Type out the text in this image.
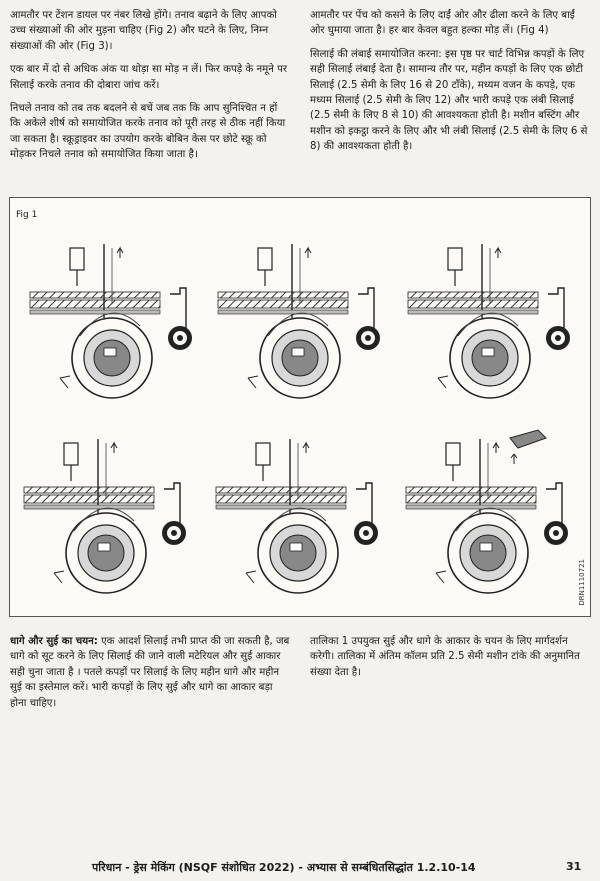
आमतौर पर टेंशन डायल पर नंबर लिखे होंगे। तनाव बढ़ाने के लिए आपको उच्च संख्याओं की ओर मुड़ना चाहिए (Fig 2) और घटने के लिए, निम्न संख्याओं की ओर (Fig 3)।

एक बार में दो से अधिक अंक या थोड़ा सा मोड़ न लें। फिर कपड़े के नमूने पर सिलाई करके तनाव की दोबारा जांच करें।

निचले तनाव को तब तक बदलने से बचें जब तक कि आप सुनिश्चित न हों कि अकेले शीर्ष को समायोजित करके तनाव को पूरी तरह से ठीक नहीं किया जा सकता है। स्क्रूड्राइवर का उपयोग करके बोबिन केस पर छोटे स्क्रू को मोड़कर निचले तनाव को समायोजित किया जाता है।

आमतौर पर पेंच को कसने के लिए दाईं ओर और ढीला करने के लिए बाईं ओर घुमाया जाता है। हर बार केवल बहुत हल्का मोड़ लें। (Fig 4)

सिलाई की लंबाई समायोजित करना: इस पृष्ठ पर चार्ट विभिन्न कपड़ों के लिए सही सिलाई लंबाई देता है। सामान्य तौर पर, महीन कपड़ों के लिए एक छोटी सिलाई (2.5 सेमी के लिए 16 से 20 टाँके), मध्यम वजन के कपड़े, एक मध्यम सिलाई (2.5 सेमी के लिए 12) और भारी कपड़े एक लंबी सिलाई (2.5 सेमी के लिए 8 से 10) की आवश्यकता होती है। मशीन बस्टिंग और मशीन को इकट्ठा करने के लिए और भी लंबी सिलाई (2.5 सेमी के लिए 6 से 8) की आवश्यकता होती है।

Fig 1
DRN1110721

धागे और सुई का चयन: एक आदर्श सिलाई तभी प्राप्त की जा सकती है, जब धागे को सूट करने के लिए सिलाई की जाने वाली मटेरियल और सुई आकार सही चुना जाता है । पतले कपड़ों पर सिलाई के लिए महीन धागे और महीन सुई का इस्तेमाल करें। भारी कपड़ों के लिए सुई और धागे का आकार बड़ा होना चाहिए।

तालिका 1 उपयुक्त सुई और धागे के आकार के चयन के लिए मार्गदर्शन करेगी। तालिका में अंतिम कॉलम प्रति 2.5 सेमी मशीन टांके की अनुमानित संख्या देता है।

परिधान - ड्रेस मेकिंग (NSQF संशोधित 2022) - अभ्यास से सम्बंधितसिद्धांत 1.2.10-14	31
